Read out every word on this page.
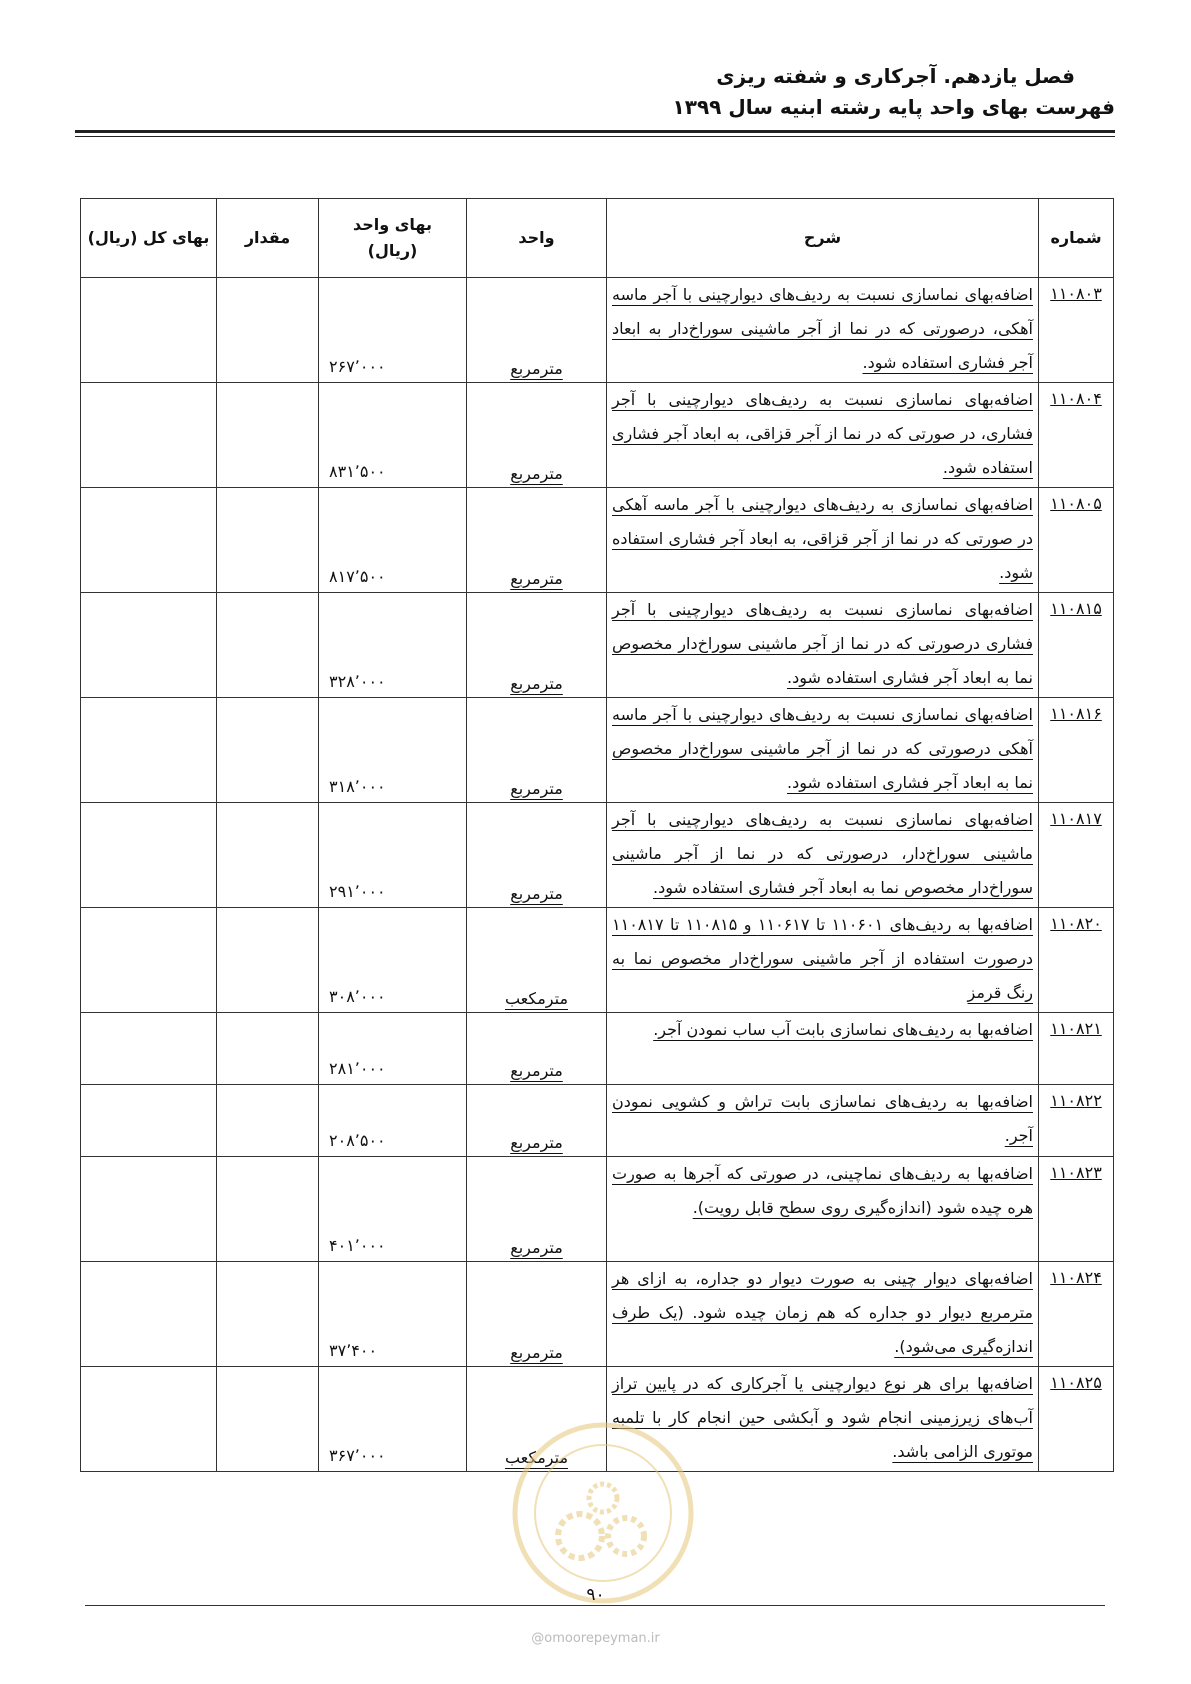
فصل یازدهم. آجرکاری و شفته ریزی
فهرست بهای واحد پایه رشته ابنیه سال ۱۳۹۹
شماره	شرح	واحد	بهای واحد
(ریال)	مقدار	بهای کل (ریال)
۱۱۰۸۰۳	اضافه‌بهای نماسازی نسبت به ردیف‌های دیوارچینی با آجر ماسه آهکی، درصورتی که در نما از آجر ماشینی سوراخ‌دار به ابعاد آجر فشاری استفاده شود.	مترمربع	۲۶۷٬۰۰۰		
۱۱۰۸۰۴	اضافه‌بهای نماسازی نسبت به ردیف‌های دیوارچینی با آجر فشاری، در صورتی که در نما از آجر قزاقی، به ابعاد آجر فشاری استفاده شود.	مترمربع	۸۳۱٬۵۰۰		
۱۱۰۸۰۵	اضافه‌بهای نماسازی به ردیف‌های دیوارچینی با آجر ماسه آهکی در صورتی که در نما از آجر قزاقی، به ابعاد آجر فشاری استفاده شود.	مترمربع	۸۱۷٬۵۰۰		
۱۱۰۸۱۵	اضافه‌بهای نماسازی نسبت به ردیف‌های دیوارچینی با آجر فشاری درصورتی که در نما از آجر ماشینی سوراخ‌دار مخصوص نما به ابعاد آجر فشاری استفاده شود.	مترمربع	۳۲۸٬۰۰۰		
۱۱۰۸۱۶	اضافه‌بهای نماسازی نسبت به ردیف‌های دیوارچینی با آجر ماسه آهکی درصورتی که در نما از آجر ماشینی سوراخ‌دار مخصوص نما به ابعاد آجر فشاری استفاده شود.	مترمربع	۳۱۸٬۰۰۰		
۱۱۰۸۱۷	اضافه‌بهای نماسازی نسبت به ردیف‌های دیوارچینی با آجر ماشینی سوراخ‌دار، درصورتی که در نما از آجر ماشینی سوراخ‌دار مخصوص نما به ابعاد آجر فشاری استفاده شود.	مترمربع	۲۹۱٬۰۰۰		
۱۱۰۸۲۰	اضافه‌بها به ردیف‌های ۱۱۰۶۰۱ تا ۱۱۰۶۱۷ و ۱۱۰۸۱۵ تا ۱۱۰۸۱۷ درصورت استفاده از آجر ماشینی سوراخ‌دار مخصوص نما به رنگ قرمز	مترمکعب	۳۰۸٬۰۰۰		
۱۱۰۸۲۱	اضافه‌بها به ردیف‌های نماسازی بابت آب ساب نمودن آجر.	مترمربع	۲۸۱٬۰۰۰		
۱۱۰۸۲۲	اضافه‌بها به ردیف‌های نماسازی بابت تراش و کشویی نمودن آجر.	مترمربع	۲۰۸٬۵۰۰		
۱۱۰۸۲۳	اضافه‌بها به ردیف‌های نماچینی، در صورتی که آجرها به صورت هره چیده شود (اندازه‌گیری روی سطح قابل رویت).	مترمربع	۴۰۱٬۰۰۰		
۱۱۰۸۲۴	اضافه‌بهای دیوار چینی به صورت دیوار دو جداره، به ازای هر مترمربع دیوار دو جداره که هم زمان چیده شود. (یک طرف اندازه‌گیری می‌شود).	مترمربع	۳۷٬۴۰۰		
۱۱۰۸۲۵	اضافه‌بها برای هر نوع دیوارچینی یا آجرکاری که در پایین تراز آب‌های زیرزمینی انجام شود و آبکشی حین انجام کار با تلمبه موتوری الزامی باشد.	مترمکعب	۳۶۷٬۰۰۰		
۹۰
@omoorepeyman.ir
